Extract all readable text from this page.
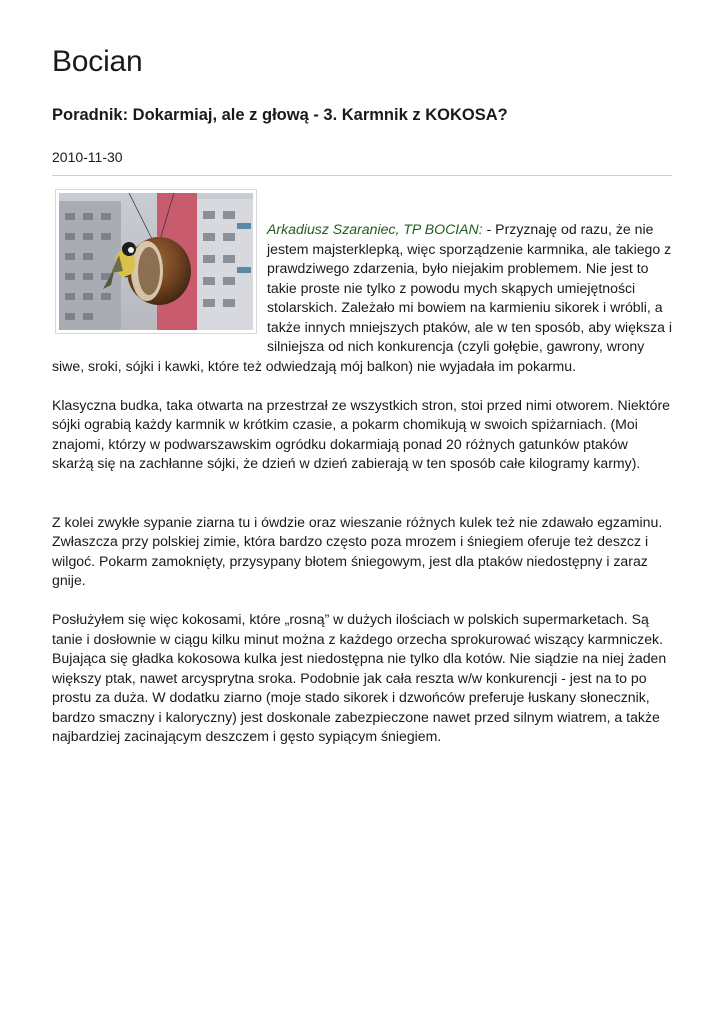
Bocian
Poradnik: Dokarmiaj, ale z głową - 3. Karmnik z KOKOSA?
2010-11-30

Arkadiusz Szaraniec, TP BOCIAN: - Przyznaję od razu, że nie jestem majsterklepką, więc sporządzenie karmnika, ale takiego z prawdziwego zdarzenia, było niejakim problemem. Nie jest to takie proste nie tylko z powodu mych skąpych umiejętności stolarskich. Zależało mi bowiem na karmieniu sikorek i wróbli, a także innych mniejszych ptaków, ale w ten sposób, aby większa i silniejsza od nich konkurencja (czyli gołębie, gawrony, wrony siwe, sroki, sójki i kawki, które też odwiedzają mój balkon) nie wyjadała im pokarmu.

Klasyczna budka, taka otwarta na przestrzał ze wszystkich stron, stoi przed nimi otworem. Niektóre sójki ograbią każdy karmnik w krótkim czasie, a pokarm chomikują w swoich spiżarniach. (Moi znajomi, którzy w podwarszawskim ogródku dokarmiają ponad 20 różnych gatunków ptaków skarżą się na zachłanne sójki, że dzień w dzień zabierają w ten sposób całe kilogramy karmy).

Z kolei zwykłe sypanie ziarna tu i ówdzie oraz wieszanie różnych kulek też nie zdawało egzaminu. Zwłaszcza przy polskiej zimie, która bardzo często poza mrozem i śniegiem oferuje też deszcz i wilgoć. Pokarm zamoknięty, przysypany błotem śniegowym, jest dla ptaków niedostępny i zaraz gnije.

Posłużyłem się więc kokosami, które „rosną” w dużych ilościach w polskich supermarketach. Są tanie i dosłownie w ciągu kilku minut można z każdego orzecha sprokurować wiszący karmniczek. Bujająca się gładka kokosowa kulka jest niedostępna nie tylko dla kotów. Nie siądzie na niej żaden większy ptak, nawet arcysprytna sroka. Podobnie jak cała reszta w/w konkurencji - jest na to po prostu za duża. W dodatku ziarno (moje stado sikorek i dzwońców preferuje łuskany słonecznik, bardzo smaczny i kaloryczny) jest doskonale zabezpieczone nawet przed silnym wiatrem, a także najbardziej zacinającym deszczem i gęsto sypiącym śniegiem.
